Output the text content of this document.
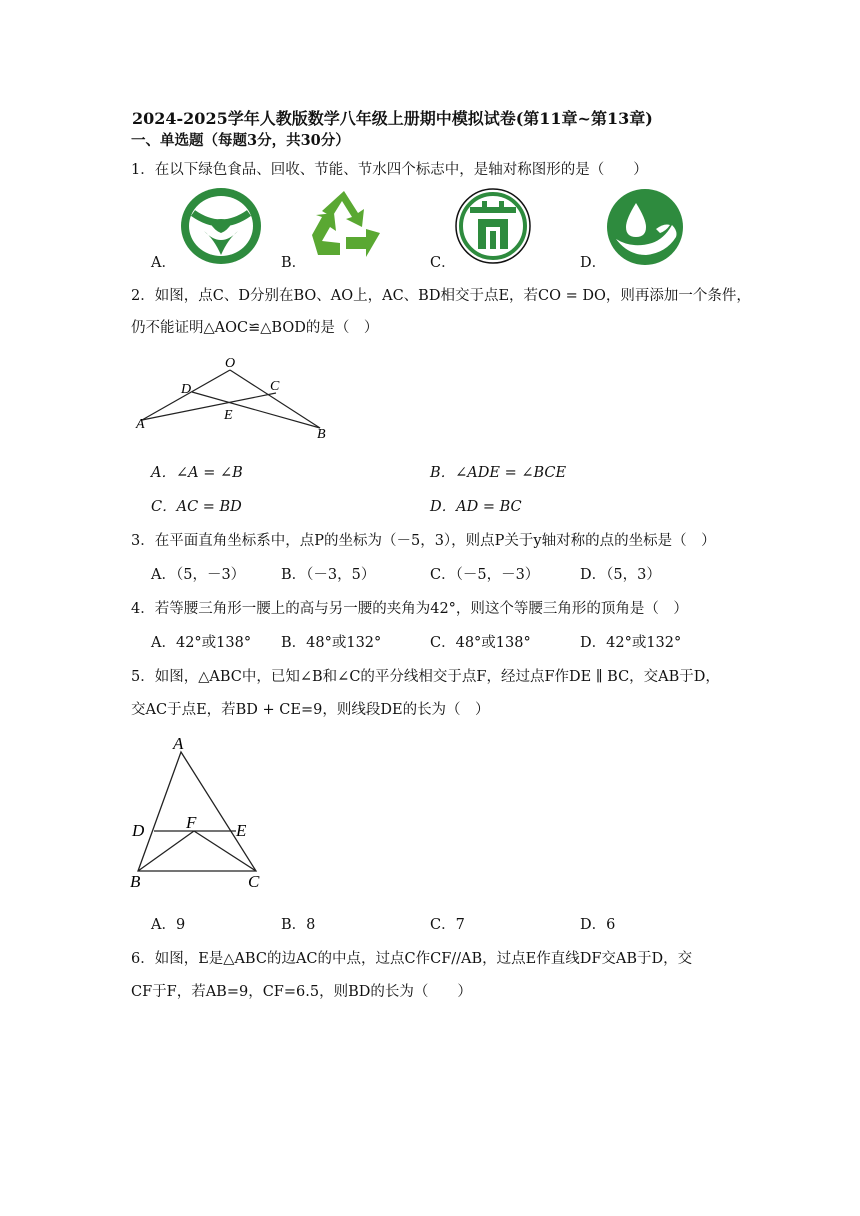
2024-2025学年人教版数学八年级上册期中模拟试卷(第11章~第13章)
一、单选题（每题3分，共30分）
1．在以下绿色食品、回收、节能、节水四个标志中，是轴对称图形的是（　　）
A．	B．	C．	D．
2．如图，点C、D分别在BO、AO上，AC、BD相交于点E，若CO = DO，则再添加一个条件，
仍不能证明△AOC≌△BOD的是（　）
O
D	C
E
A
B
A．∠A = ∠B	B．∠ADE = ∠BCE
C．AC = BD	D．AD = BC
3．在平面直角坐标系中，点P的坐标为（－5，3），则点P关于y轴对称的点的坐标是（　）
A．（5，－3） B．（－3，5）	C．（－5，－3）	D．（5，3）
4．若等腰三角形一腰上的高与另一腰的夹角为42°，则这个等腰三角形的顶角是（　）
A．42°或138° B．48°或132°	C．48°或138°	D．42°或132°
5．如图，△ABC中，已知∠B和∠C的平分线相交于点F，经过点F作DE ∥ BC，交AB于D，
交AC于点E，若BD + CE=9，则线段DE的长为（　）
A
D F E
B	C
A．9	B．8	C．7	D．6
6．如图，E是△ABC的边AC的中点，过点C作CF//AB，过点E作直线DF交AB于D，交
CF于F，若AB=9，CF=6.5，则BD的长为（　　）
